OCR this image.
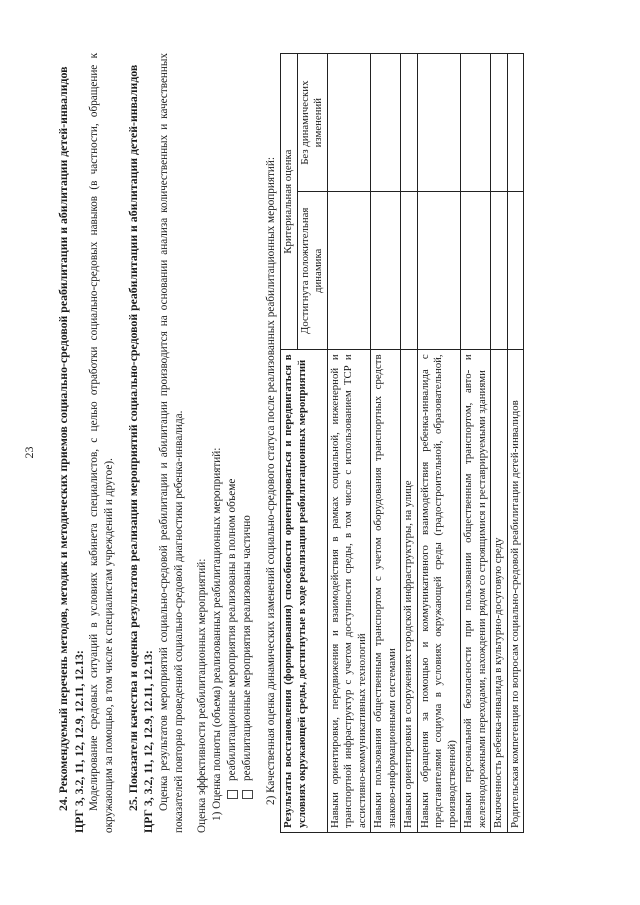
23 24. Рекомендуемый перечень методов, методик и методических приемов социально-средовой реабилитации и абилитации детей-инвалидов ЦРГ 3, 3.2, 11, 12, 12.9, 12.11, 12.13: Моделирование средовых ситуаций в условиях кабинета специалистов, с целью отработки социально-средовых навыков (в частности, обращение к окружающим за помощью, в том числе к специалистам учреждений и другое). 25. Показатели качества и оценка результатов реализации мероприятий социально-средовой реабилитации и абилитации детей-инвалидов ЦРГ 3, 3.2, 11, 12, 12.9, 12.11, 12.13: Оценка результатов мероприятий социально-средовой реабилитации и абилитации производится на основании анализа количественных и качественных показателей повторно проведенной социально-средовой диагностики ребенка-инвалида. Оценка эффективности реабилитационных мероприятий: 1) Оценка полноты (объема) реализованных реабилитационных мероприятий: реабилитационные мероприятия реализованы в полном объеме реабилитационные мероприятия реализованы частично 2) Качественная оценка динамических изменений социально-средового статуса после реализованных реабилитационных мероприятий: Результаты восстановления (формирования) способности ориентироваться и передвигаться в условиях окружающей среды, достигнутые в ходе реализации реабилитационных мероприятий	Критериальная оценка	
	Достигнута положительная динамика	Без динамических изменений
Навыки ориентировки, передвижения и взаимодействия в рамках социальной, инженерной и транспортной инфраструктур с учетом доступности среды, в том числе с использованием ТСР и ассистивно-коммуникативных технологий		
Навыки пользования общественным транспортом с учетом оборудования транспортных средств знаково-информационными системами		
Навыки ориентировки в сооружениях городской инфраструктуры, на улице		
Навыки обращения за помощью и коммуникативного взаимодействия ребенка-инвалида с представителями социума в условиях окружающей среды (градостроительной, образовательной, производственной)		
Навыки персональной безопасности при пользовании общественным транспортом, авто- и железнодорожными переходами, нахождении рядом со строящимися и реставрируемыми зданиями		
Включенность ребенка-инвалида в культурно-досуговую среду		
Родительская компетенция по вопросам социально-средовой реабилитации детей-инвалидов		
